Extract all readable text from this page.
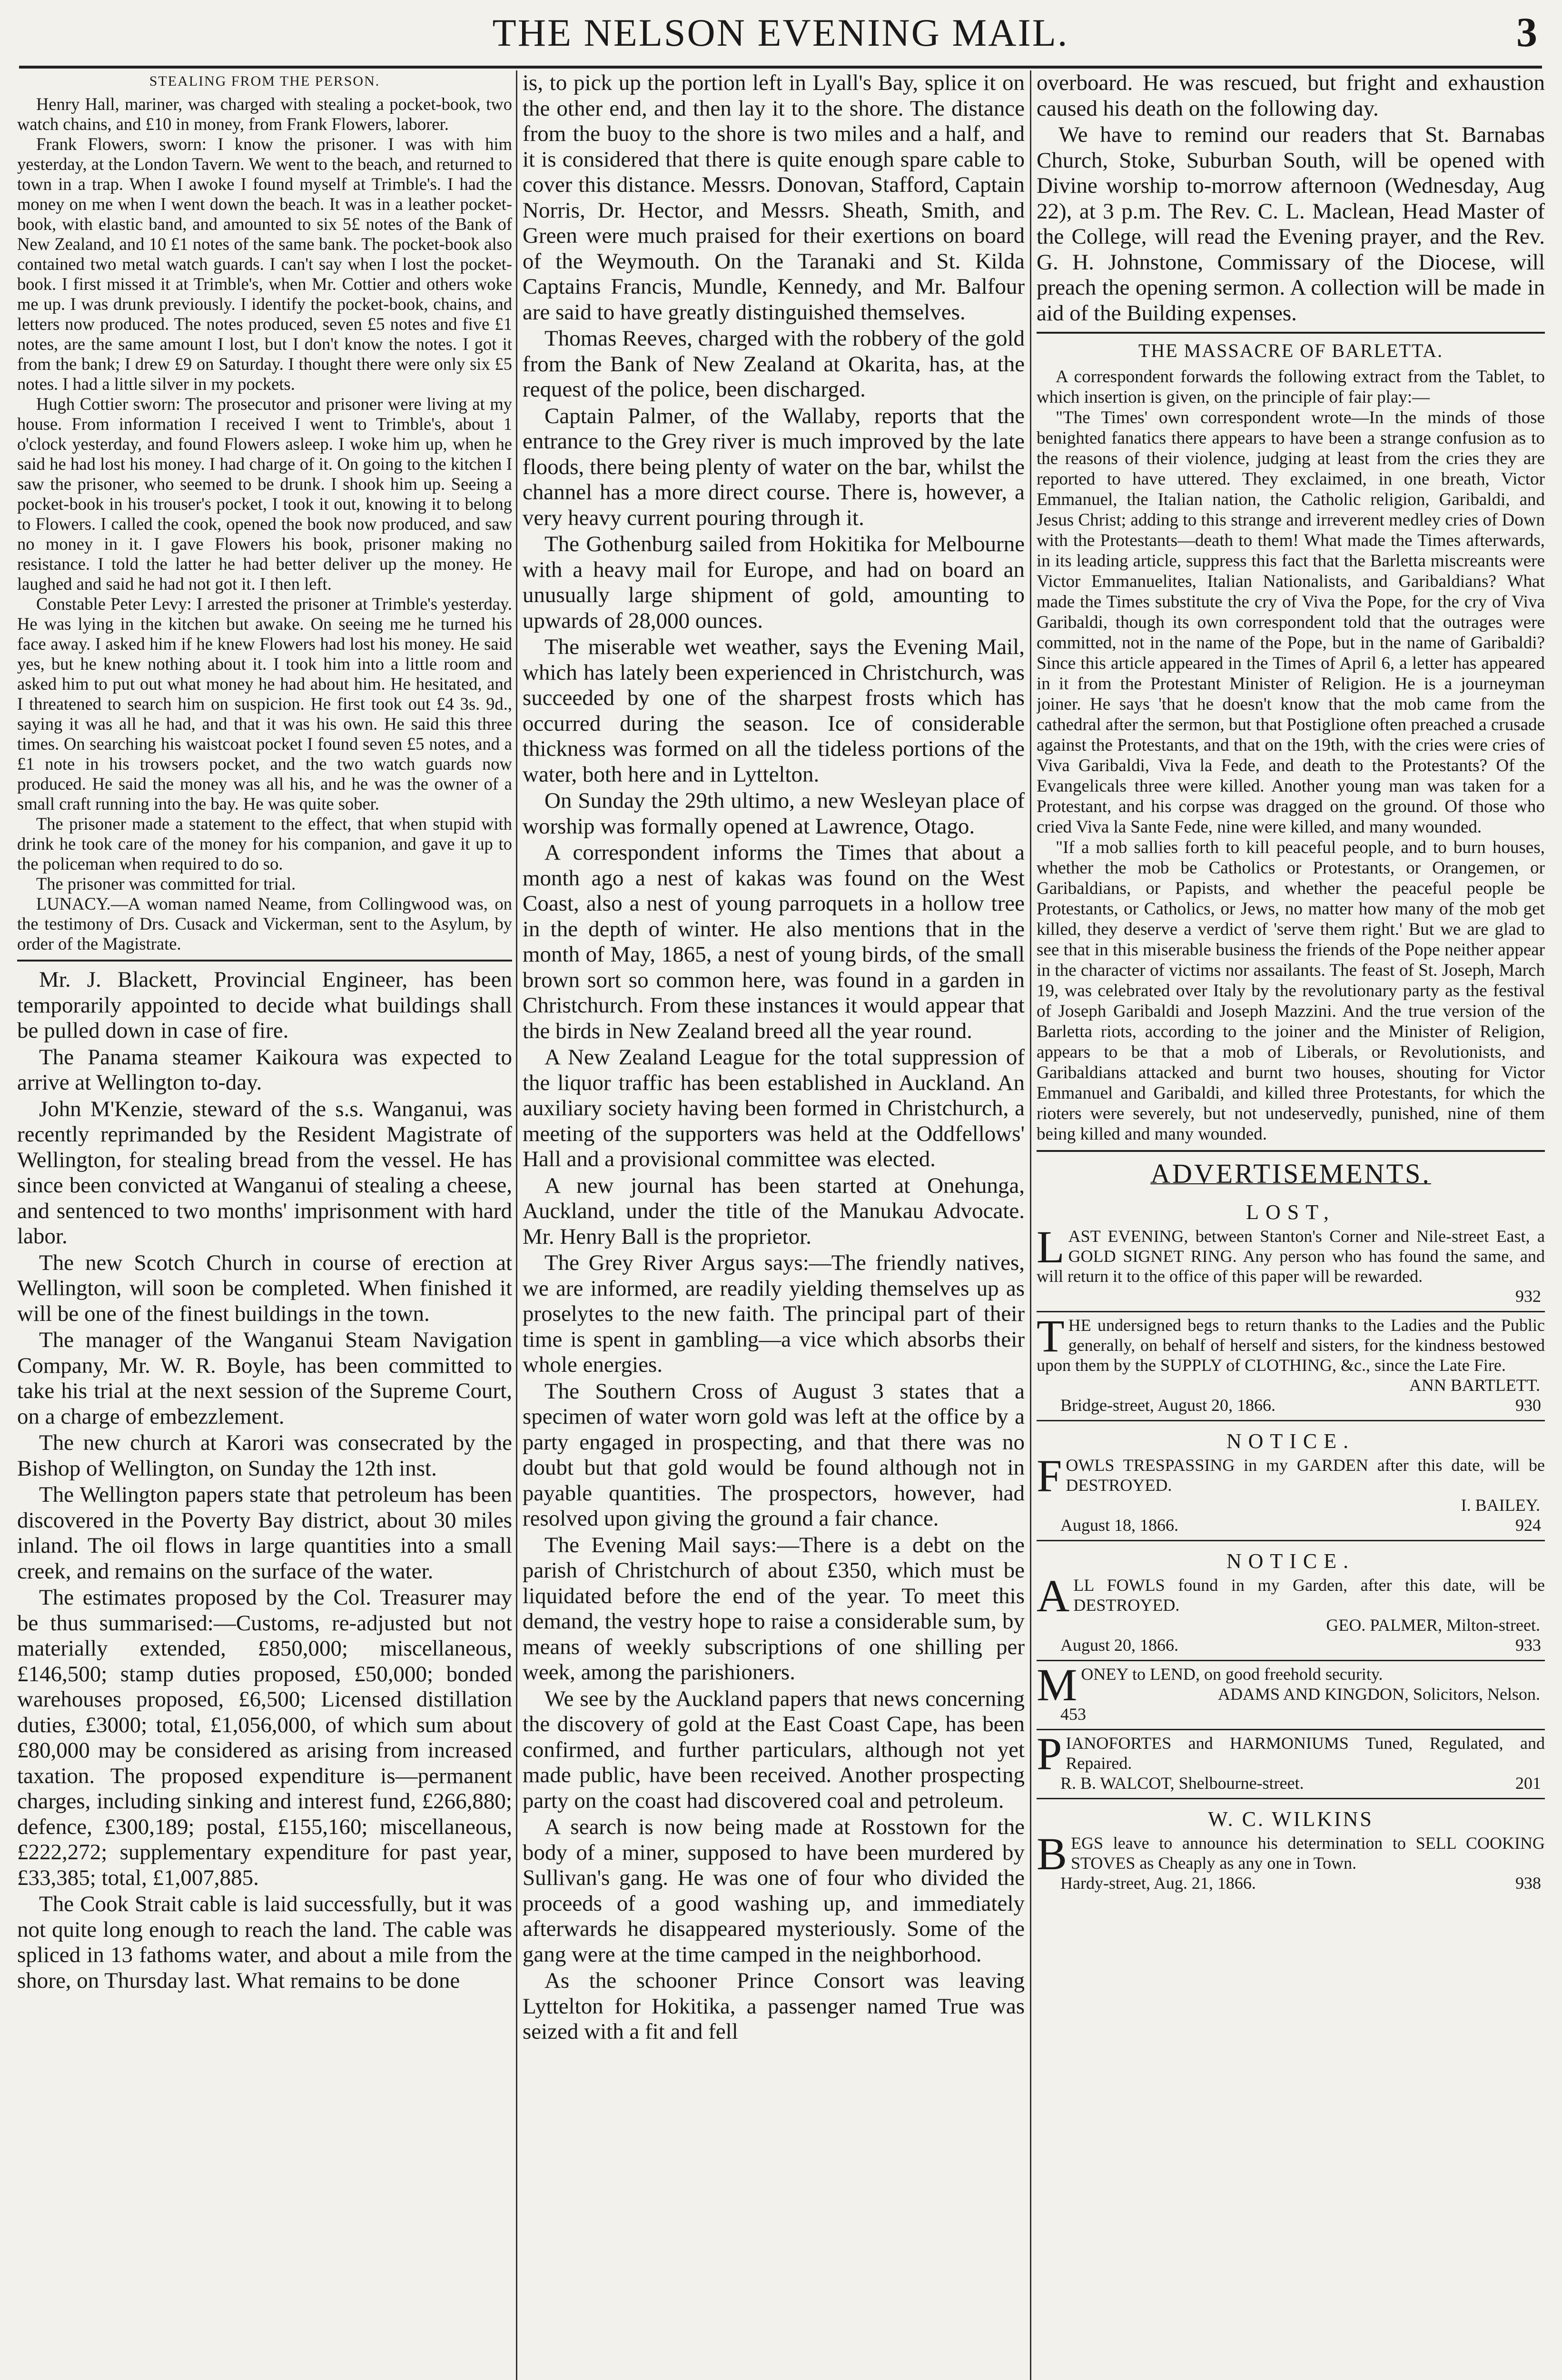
THE NELSON EVENING MAIL.	3
STEALING FROM THE PERSON.

Henry Hall, mariner, was charged with stealing a pocket-book, two watch chains, and £10 in money, from Frank Flowers, laborer.

Frank Flowers, sworn: I know the prisoner. I was with him yesterday, at the London Tavern. We went to the beach, and returned to town in a trap. When I awoke I found myself at Trimble's. I had the money on me when I went down the beach. It was in a leather pocket-book, with elastic band, and amounted to six 5£ notes of the Bank of New Zealand, and 10 £1 notes of the same bank. The pocket-book also contained two metal watch guards. I can't say when I lost the pocket-book. I first missed it at Trimble's, when Mr. Cottier and others woke me up. I was drunk previously. I identify the pocket-book, chains, and letters now produced. The notes produced, seven £5 notes and five £1 notes, are the same amount I lost, but I don't know the notes. I got it from the bank; I drew £9 on Saturday. I thought there were only six £5 notes. I had a little silver in my pockets.

Hugh Cottier sworn: The prosecutor and prisoner were living at my house. From information I received I went to Trimble's, about 1 o'clock yesterday, and found Flowers asleep. I woke him up, when he said he had lost his money. I had charge of it. On going to the kitchen I saw the prisoner, who seemed to be drunk. I shook him up. Seeing a pocket-book in his trouser's pocket, I took it out, knowing it to belong to Flowers. I called the cook, opened the book now produced, and saw no money in it. I gave Flowers his book, prisoner making no resistance. I told the latter he had better deliver up the money. He laughed and said he had not got it. I then left.

Constable Peter Levy: I arrested the prisoner at Trimble's yesterday. He was lying in the kitchen but awake. On seeing me he turned his face away. I asked him if he knew Flowers had lost his money. He said yes, but he knew nothing about it. I took him into a little room and asked him to put out what money he had about him. He hesitated, and I threatened to search him on suspicion. He first took out £4 3s. 9d., saying it was all he had, and that it was his own. He said this three times. On searching his waistcoat pocket I found seven £5 notes, and a £1 note in his trowsers pocket, and the two watch guards now produced. He said the money was all his, and he was the owner of a small craft running into the bay. He was quite sober.

The prisoner made a statement to the effect, that when stupid with drink he took care of the money for his companion, and gave it up to the policeman when required to do so.

The prisoner was committed for trial.

LUNACY.—A woman named Neame, from Collingwood was, on the testimony of Drs. Cusack and Vickerman, sent to the Asylum, by order of the Magistrate.

Mr. J. Blackett, Provincial Engineer, has been temporarily appointed to decide what buildings shall be pulled down in case of fire.

The Panama steamer Kaikoura was expected to arrive at Wellington to-day.

John M'Kenzie, steward of the s.s. Wanganui, was recently reprimanded by the Resident Magistrate of Wellington, for stealing bread from the vessel. He has since been convicted at Wanganui of stealing a cheese, and sentenced to two months' imprisonment with hard labor.

The new Scotch Church in course of erection at Wellington, will soon be completed. When finished it will be one of the finest buildings in the town.

The manager of the Wanganui Steam Navigation Company, Mr. W. R. Boyle, has been committed to take his trial at the next session of the Supreme Court, on a charge of embezzlement.

The new church at Karori was consecrated by the Bishop of Wellington, on Sunday the 12th inst.

The Wellington papers state that petroleum has been discovered in the Poverty Bay district, about 30 miles inland. The oil flows in large quantities into a small creek, and remains on the surface of the water.

The estimates proposed by the Col. Treasurer may be thus summarised:—Customs, re-adjusted but not materially extended, £850,000; miscellaneous, £146,500; stamp duties proposed, £50,000; bonded warehouses proposed, £6,500; Licensed distillation duties, £3000; total, £1,056,000, of which sum about £80,000 may be considered as arising from increased taxation. The proposed expenditure is—permanent charges, including sinking and interest fund, £266,880; defence, £300,189; postal, £155,160; miscellaneous, £222,272; supplementary expenditure for past year, £33,385; total, £1,007,885.

The Cook Strait cable is laid successfully, but it was not quite long enough to reach the land. The cable was spliced in 13 fathoms water, and about a mile from the shore, on Thursday last. What remains to be done

is, to pick up the portion left in Lyall's Bay, splice it on the other end, and then lay it to the shore. The distance from the buoy to the shore is two miles and a half, and it is considered that there is quite enough spare cable to cover this distance. Messrs. Donovan, Stafford, Captain Norris, Dr. Hector, and Messrs. Sheath, Smith, and Green were much praised for their exertions on board of the Weymouth. On the Taranaki and St. Kilda Captains Francis, Mundle, Kennedy, and Mr. Balfour are said to have greatly distinguished themselves.

Thomas Reeves, charged with the robbery of the gold from the Bank of New Zealand at Okarita, has, at the request of the police, been discharged.

Captain Palmer, of the Wallaby, reports that the entrance to the Grey river is much improved by the late floods, there being plenty of water on the bar, whilst the channel has a more direct course. There is, however, a very heavy current pouring through it.

The Gothenburg sailed from Hokitika for Melbourne with a heavy mail for Europe, and had on board an unusually large shipment of gold, amounting to upwards of 28,000 ounces.

The miserable wet weather, says the Evening Mail, which has lately been experienced in Christchurch, was succeeded by one of the sharpest frosts which has occurred during the season. Ice of considerable thickness was formed on all the tideless portions of the water, both here and in Lyttelton.

On Sunday the 29th ultimo, a new Wesleyan place of worship was formally opened at Lawrence, Otago.

A correspondent informs the Times that about a month ago a nest of kakas was found on the West Coast, also a nest of young parroquets in a hollow tree in the depth of winter. He also mentions that in the month of May, 1865, a nest of young birds, of the small brown sort so common here, was found in a garden in Christchurch. From these instances it would appear that the birds in New Zealand breed all the year round.

A New Zealand League for the total suppression of the liquor traffic has been established in Auckland. An auxiliary society having been formed in Christchurch, a meeting of the supporters was held at the Oddfellows' Hall and a provisional committee was elected.

A new journal has been started at Onehunga, Auckland, under the title of the Manukau Advocate. Mr. Henry Ball is the proprietor.

The Grey River Argus says:—The friendly natives, we are informed, are readily yielding themselves up as proselytes to the new faith. The principal part of their time is spent in gambling—a vice which absorbs their whole energies.

The Southern Cross of August 3 states that a specimen of water worn gold was left at the office by a party engaged in prospecting, and that there was no doubt but that gold would be found although not in payable quantities. The prospectors, however, had resolved upon giving the ground a fair chance.

The Evening Mail says:—There is a debt on the parish of Christchurch of about £350, which must be liquidated before the end of the year. To meet this demand, the vestry hope to raise a considerable sum, by means of weekly subscriptions of one shilling per week, among the parishioners.

We see by the Auckland papers that news concerning the discovery of gold at the East Coast Cape, has been confirmed, and further particulars, although not yet made public, have been received. Another prospecting party on the coast had discovered coal and petroleum.

A search is now being made at Rosstown for the body of a miner, supposed to have been murdered by Sullivan's gang. He was one of four who divided the proceeds of a good washing up, and immediately afterwards he disappeared mysteriously. Some of the gang were at the time camped in the neighborhood.

As the schooner Prince Consort was leaving Lyttelton for Hokitika, a passenger named True was seized with a fit and fell

overboard. He was rescued, but fright and exhaustion caused his death on the following day.

We have to remind our readers that St. Barnabas Church, Stoke, Suburban South, will be opened with Divine worship to-morrow afternoon (Wednesday, Aug 22), at 3 p.m. The Rev. C. L. Maclean, Head Master of the College, will read the Evening prayer, and the Rev. G. H. Johnstone, Commissary of the Diocese, will preach the opening sermon. A collection will be made in aid of the Building expenses.

THE MASSACRE OF BARLETTA.

A correspondent forwards the following extract from the Tablet, to which insertion is given, on the principle of fair play:—

"The Times' own correspondent wrote—In the minds of those benighted fanatics there appears to have been a strange confusion as to the reasons of their violence, judging at least from the cries they are reported to have uttered. They exclaimed, in one breath, Victor Emmanuel, the Italian nation, the Catholic religion, Garibaldi, and Jesus Christ; adding to this strange and irreverent medley cries of Down with the Protestants—death to them! What made the Times afterwards, in its leading article, suppress this fact that the Barletta miscreants were Victor Emmanuelites, Italian Nationalists, and Garibaldians? What made the Times substitute the cry of Viva the Pope, for the cry of Viva Garibaldi, though its own correspondent told that the outrages were committed, not in the name of the Pope, but in the name of Garibaldi? Since this article appeared in the Times of April 6, a letter has appeared in it from the Protestant Minister of Religion. He is a journeyman joiner. He says 'that he doesn't know that the mob came from the cathedral after the sermon, but that Postiglione often preached a crusade against the Protestants, and that on the 19th, with the cries were cries of Viva Garibaldi, Viva la Fede, and death to the Protestants? Of the Evangelicals three were killed. Another young man was taken for a Protestant, and his corpse was dragged on the ground. Of those who cried Viva la Sante Fede, nine were killed, and many wounded.

"If a mob sallies forth to kill peaceful people, and to burn houses, whether the mob be Catholics or Protestants, or Orangemen, or Garibaldians, or Papists, and whether the peaceful people be Protestants, or Catholics, or Jews, no matter how many of the mob get killed, they deserve a verdict of 'serve them right.' But we are glad to see that in this miserable business the friends of the Pope neither appear in the character of victims nor assailants. The feast of St. Joseph, March 19, was celebrated over Italy by the revolutionary party as the festival of Joseph Garibaldi and Joseph Mazzini. And the true version of the Barletta riots, according to the joiner and the Minister of Religion, appears to be that a mob of Liberals, or Revolutionists, and Garibaldians attacked and burnt two houses, shouting for Victor Emmanuel and Garibaldi, and killed three Protestants, for which the rioters were severely, but not undeservedly, punished, nine of them being killed and many wounded.

ADVERTISEMENTS.
LOST,

LAST EVENING, between Stanton's Corner and Nile-street East, a GOLD SIGNET RING. Any person who has found the same, and will return it to the office of this paper will be rewarded.

932

THE undersigned begs to return thanks to the Ladies and the Public generally, on behalf of herself and sisters, for the kindness bestowed upon them by the SUPPLY of CLOTHING, &c., since the Late Fire.

ANN BARTLETT.

Bridge-street, August 20, 1866.	930
NOTICE.

FOWLS TRESPASSING in my GARDEN after this date, will be DESTROYED.

I. BAILEY.

August 18, 1866.	924
NOTICE.

ALL FOWLS found in my Garden, after this date, will be DESTROYED.

GEO. PALMER, Milton-street.

August 20, 1866.	933

MONEY to LEND, on good freehold security.

ADAMS AND KINGDON, Solicitors, Nelson.

453

PIANOFORTES and HARMONIUMS Tuned, Regulated, and Repaired.

R. B. WALCOT, Shelbourne-street.	201
W. C. WILKINS

BEGS leave to announce his determination to SELL COOKING STOVES as Cheaply as any one in Town.

Hardy-street, Aug. 21, 1866.	938
